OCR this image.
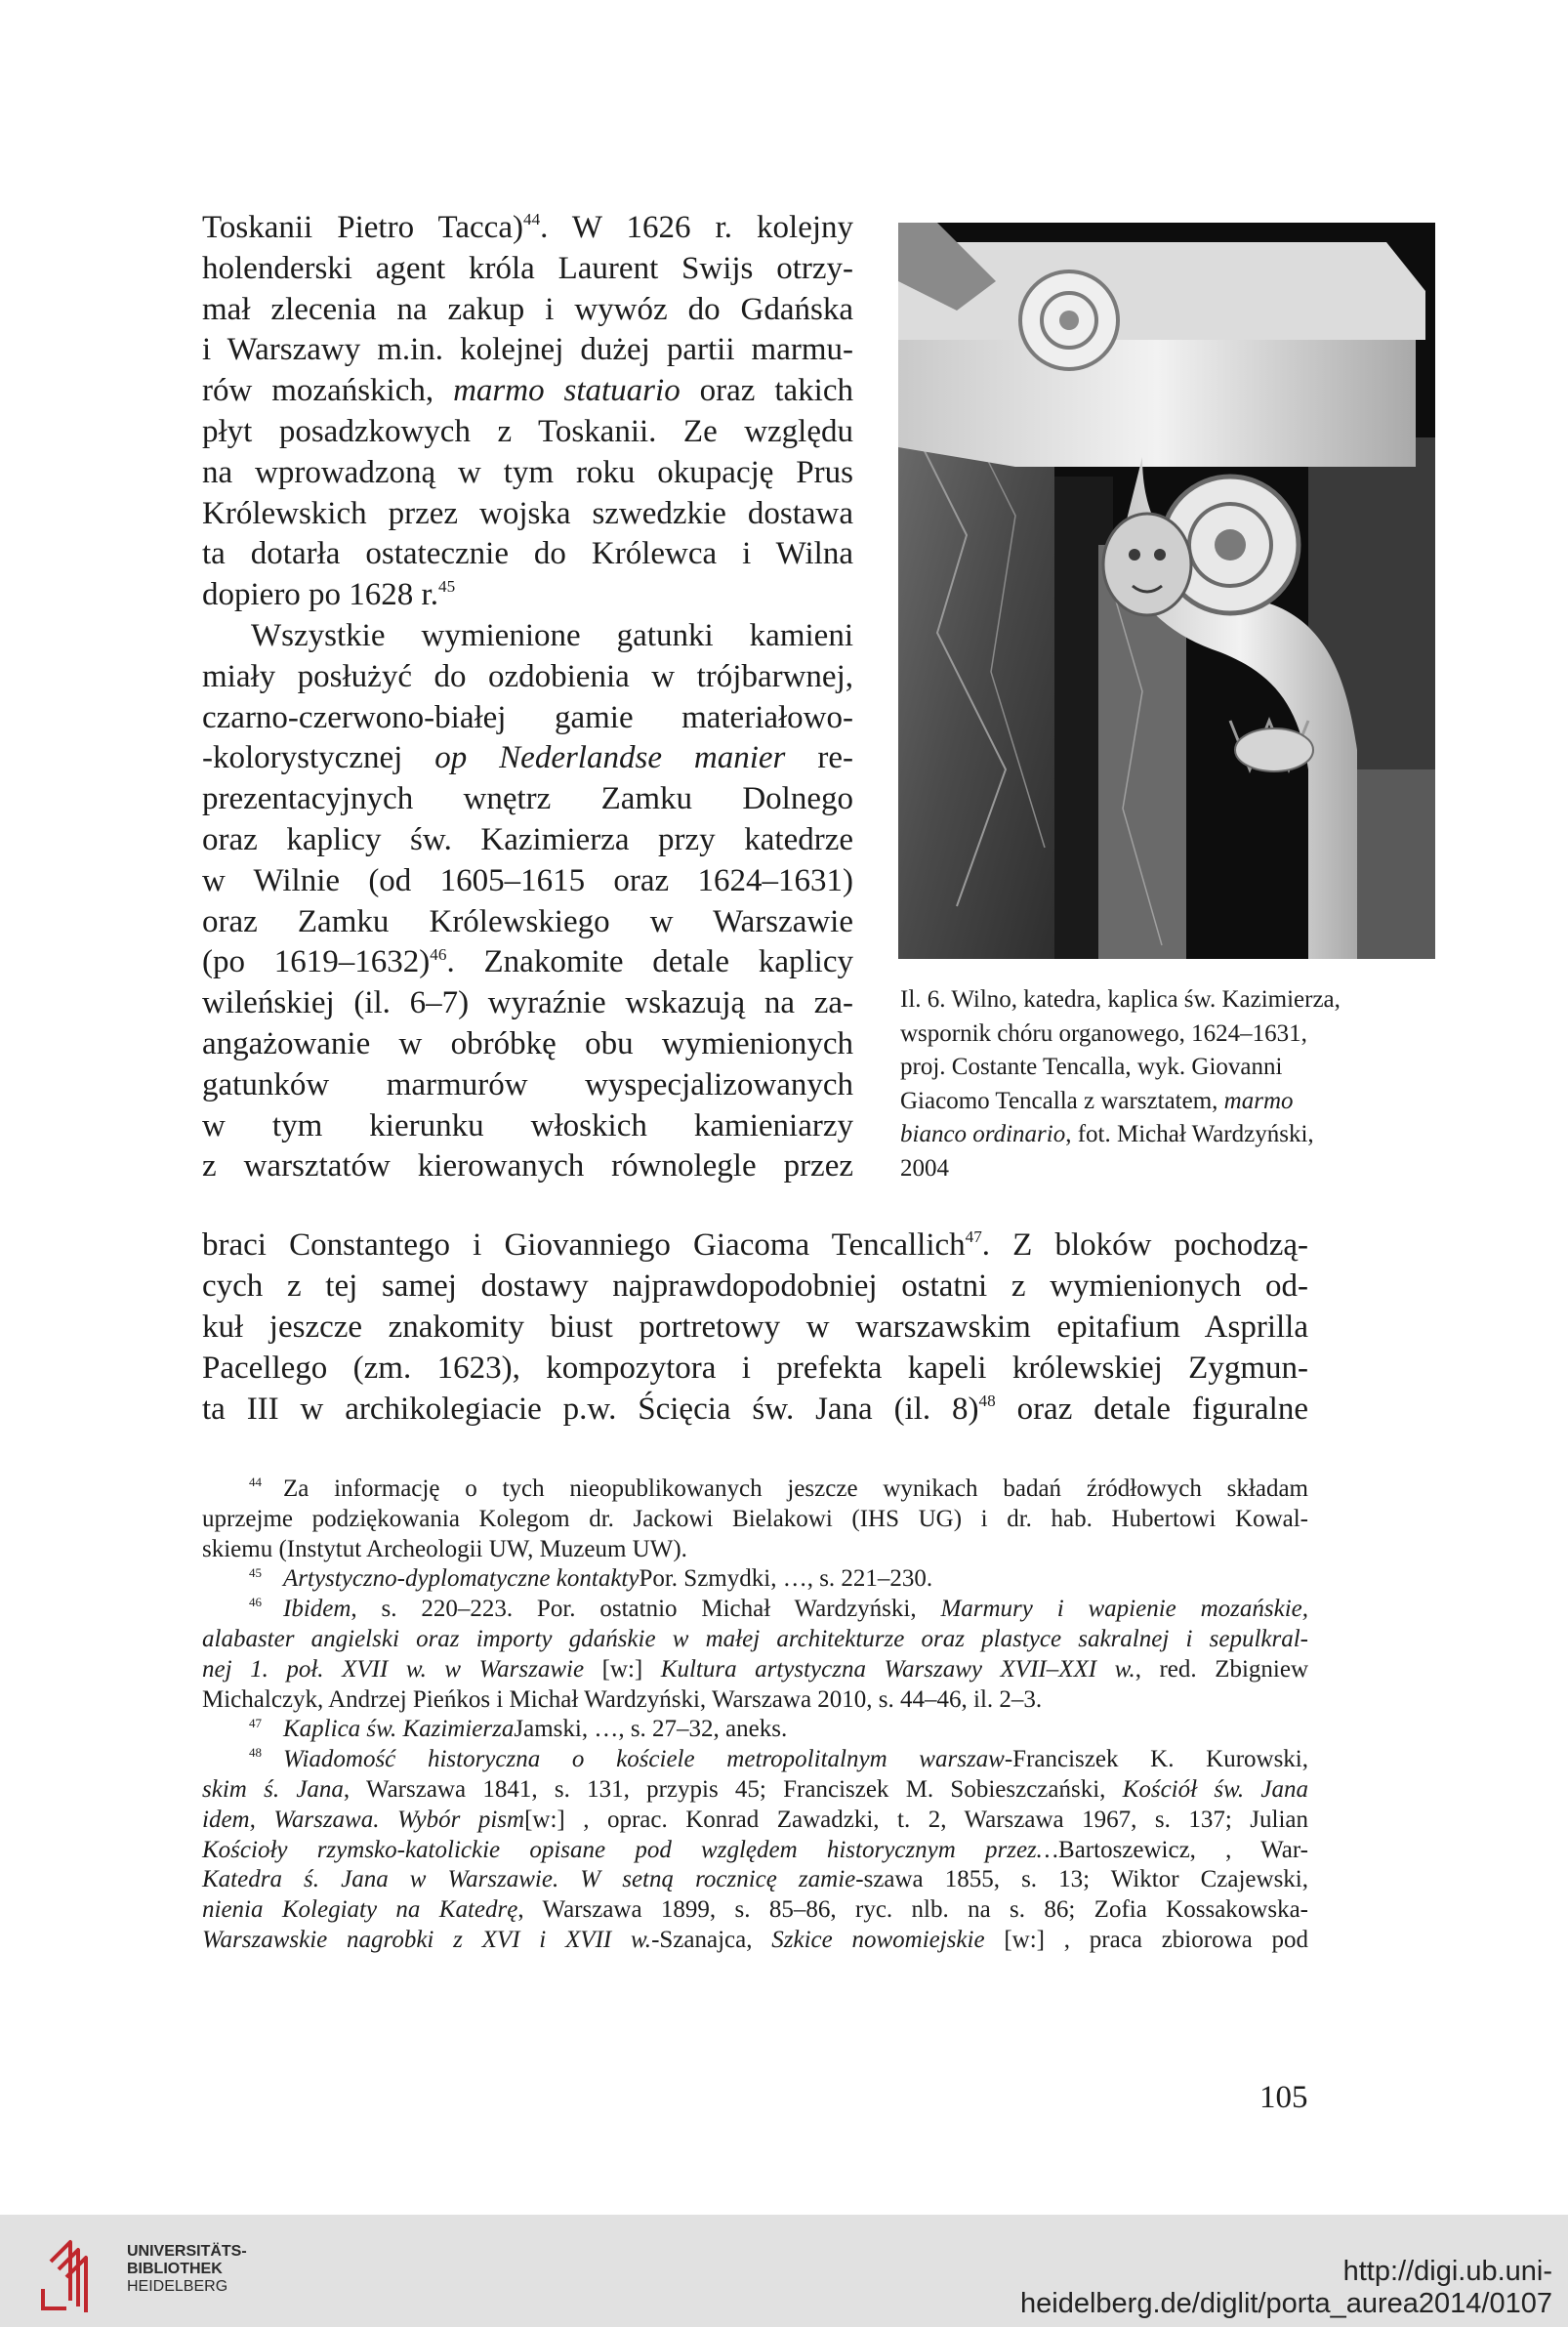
Toskanii Pietro Tacca)$^{44}$. W 1626 r. kolejny
holenderski agent króla Laurent Swijs otrzy-
mał zlecenia na zakup i wywóz do Gdańska
i Warszawy m.in. kolejnej dużej partii marmu-
rów mozańskich, marmo statuario oraz takich
płyt posadzkowych z Toskanii. Ze względu
na wprowadzoną w tym roku okupację Prus
Królewskich przez wojska szwedzkie dostawa
ta dotarła ostatecznie do Królewca i Wilna
dopiero po 1628 r.$^{45}$
Wszystkie wymienione gatunki kamieni
miały posłużyć do ozdobienia w trójbarwnej,
czarno-czerwono-białej gamie materiałowo-
-kolorystycznej op Nederlandse manier re-
prezentacyjnych wnętrz Zamku Dolnego
oraz kaplicy św. Kazimierza przy katedrze
w Wilnie (od 1605–1615 oraz 1624–1631)
oraz Zamku Królewskiego w Warszawie
(po 1619–1632)$^{46}$. Znakomite detale kaplicy
wileńskiej (il. 6–7) wyraźnie wskazują na za-
angażowanie w obróbkę obu wymienionych
gatunków marmurów wyspecjalizowanych
w tym kierunku włoskich kamieniarzy
z warsztatów kierowanych równolegle przez
Il. 6. Wilno, katedra, kaplica św. Kazimierza,
wspornik chóru organowego, 1624–1631,
proj. Costante Tencalla, wyk. Giovanni
Giacomo Tencalla z warsztatem, marmo
bianco ordinario, fot. Michał Wardzyński,
2004
braci Constantego i Giovanniego Giacoma Tencallich$^{47}$. Z bloków pochodzą-
cych z tej samej dostawy najprawdopodobniej ostatni z wymienionych od-
kuł jeszcze znakomity biust portretowy w warszawskim epitafium Asprilla
Pacellego (zm. 1623), kompozytora i prefekta kapeli królewskiej Zygmun-
ta III w archikolegiacie p.w. Ścięcia św. Jana (il. 8)$^{48}$ oraz detale figuralne
$^{44}$ Za informację o tych nieopublikowanych jeszcze wynikach badań źródłowych składam
uprzejme podziękowania Kolegom dr. Jackowi Bielakowi (IHS UG) i dr. hab. Hubertowi Kowal-
skiemu (Instytut Archeologii UW, Muzeum UW).
$^{45}$ Artystyczno-dyplomatyczne kontaktyPor. Szmydki, …, s. 221–230.
$^{46}$ Ibidem, s. 220–223. Por. ostatnio Michał Wardzyński, Marmury i wapienie mozańskie,
alabaster angielski oraz importy gdańskie w małej architekturze oraz plastyce sakralnej i sepulkral-
nej 1. poł. XVII w. w Warszawie [w:] Kultura artystyczna Warszawy XVII–XXI w., red. Zbigniew
Michalczyk, Andrzej Pieńkos i Michał Wardzyński, Warszawa 2010, s. 44–46, il. 2–3.
$^{47}$ Kaplica św. KazimierzaJamski, …, s. 27–32, aneks.
$^{48}$ Wiadomość historyczna o kościele metropolitalnym warszaw-Franciszek K. Kurowski,
skim ś. Jana, Warszawa 1841, s. 131, przypis 45; Franciszek M. Sobieszczański, Kościół św. Jana
idem, Warszawa. Wybór pism[w:] , oprac. Konrad Zawadzki, t. 2, Warszawa 1967, s. 137; Julian
Kościoły rzymsko-katolickie opisane pod względem historycznym przez…Bartoszewicz, , War-
Katedra ś. Jana w Warszawie. W setną rocznicę zamie-szawa 1855, s. 13; Wiktor Czajewski,
nienia Kolegiaty na Katedrę, Warszawa 1899, s. 85–86, ryc. nlb. na s. 86; Zofia Kossakowska-
Warszawskie nagrobki z XVI i XVII w.-Szanajca, Szkice nowomiejskie [w:] , praca zbiorowa pod
105
UNIVERSITÄTS-
BIBLIOTHEK
HEIDELBERG	http://digi.ub.uni-heidelberg.de/diglit/porta_aurea2014/0107
